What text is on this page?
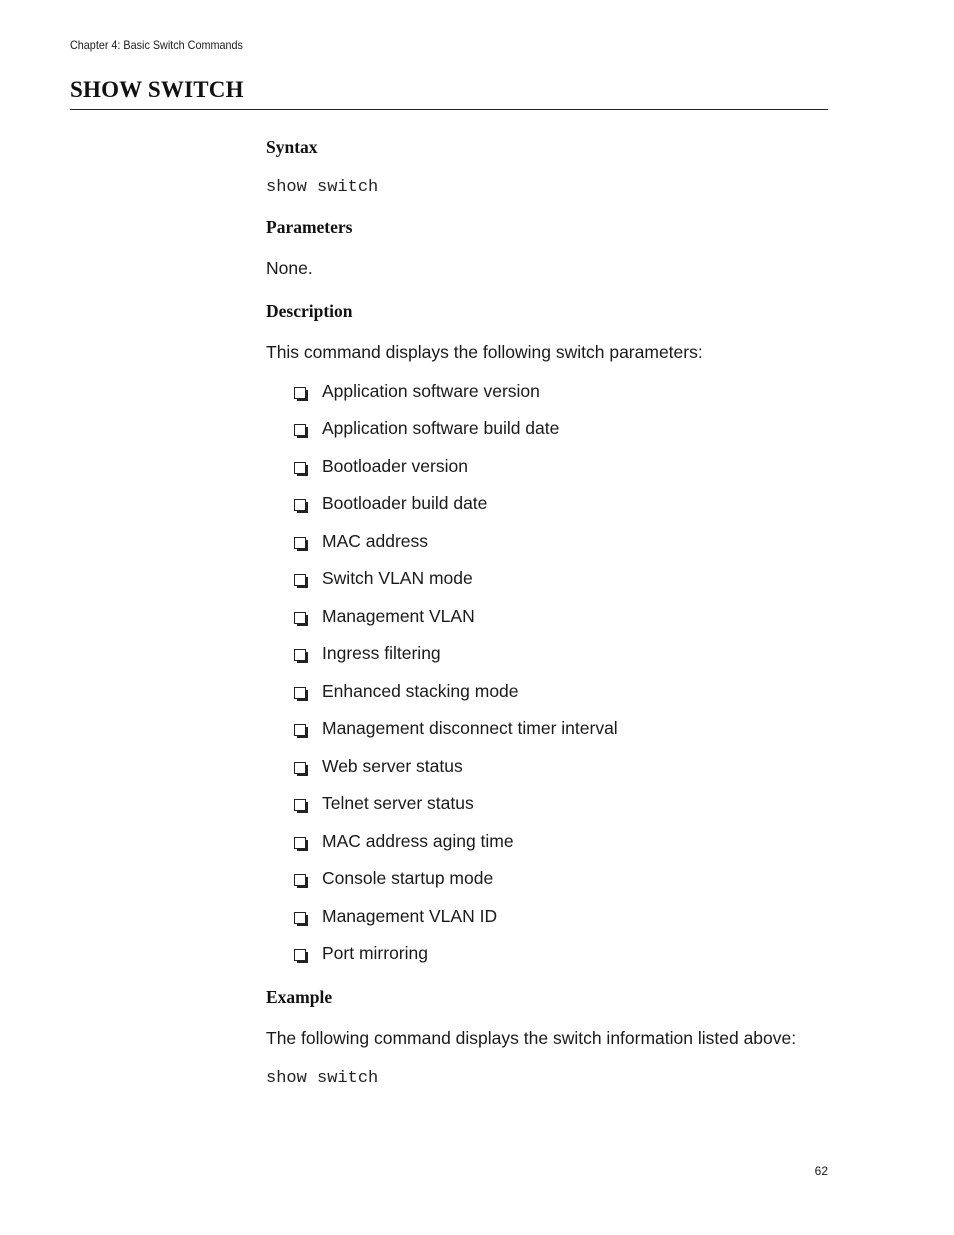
Chapter 4: Basic Switch Commands
SHOW SWITCH
Syntax
show switch
Parameters
None.
Description
This command displays the following switch parameters:
Application software version
Application software build date
Bootloader version
Bootloader build date
MAC address
Switch VLAN mode
Management VLAN
Ingress filtering
Enhanced stacking mode
Management disconnect timer interval
Web server status
Telnet server status
MAC address aging time
Console startup mode
Management VLAN ID
Port mirroring
Example
The following command displays the switch information listed above:
show switch
62
